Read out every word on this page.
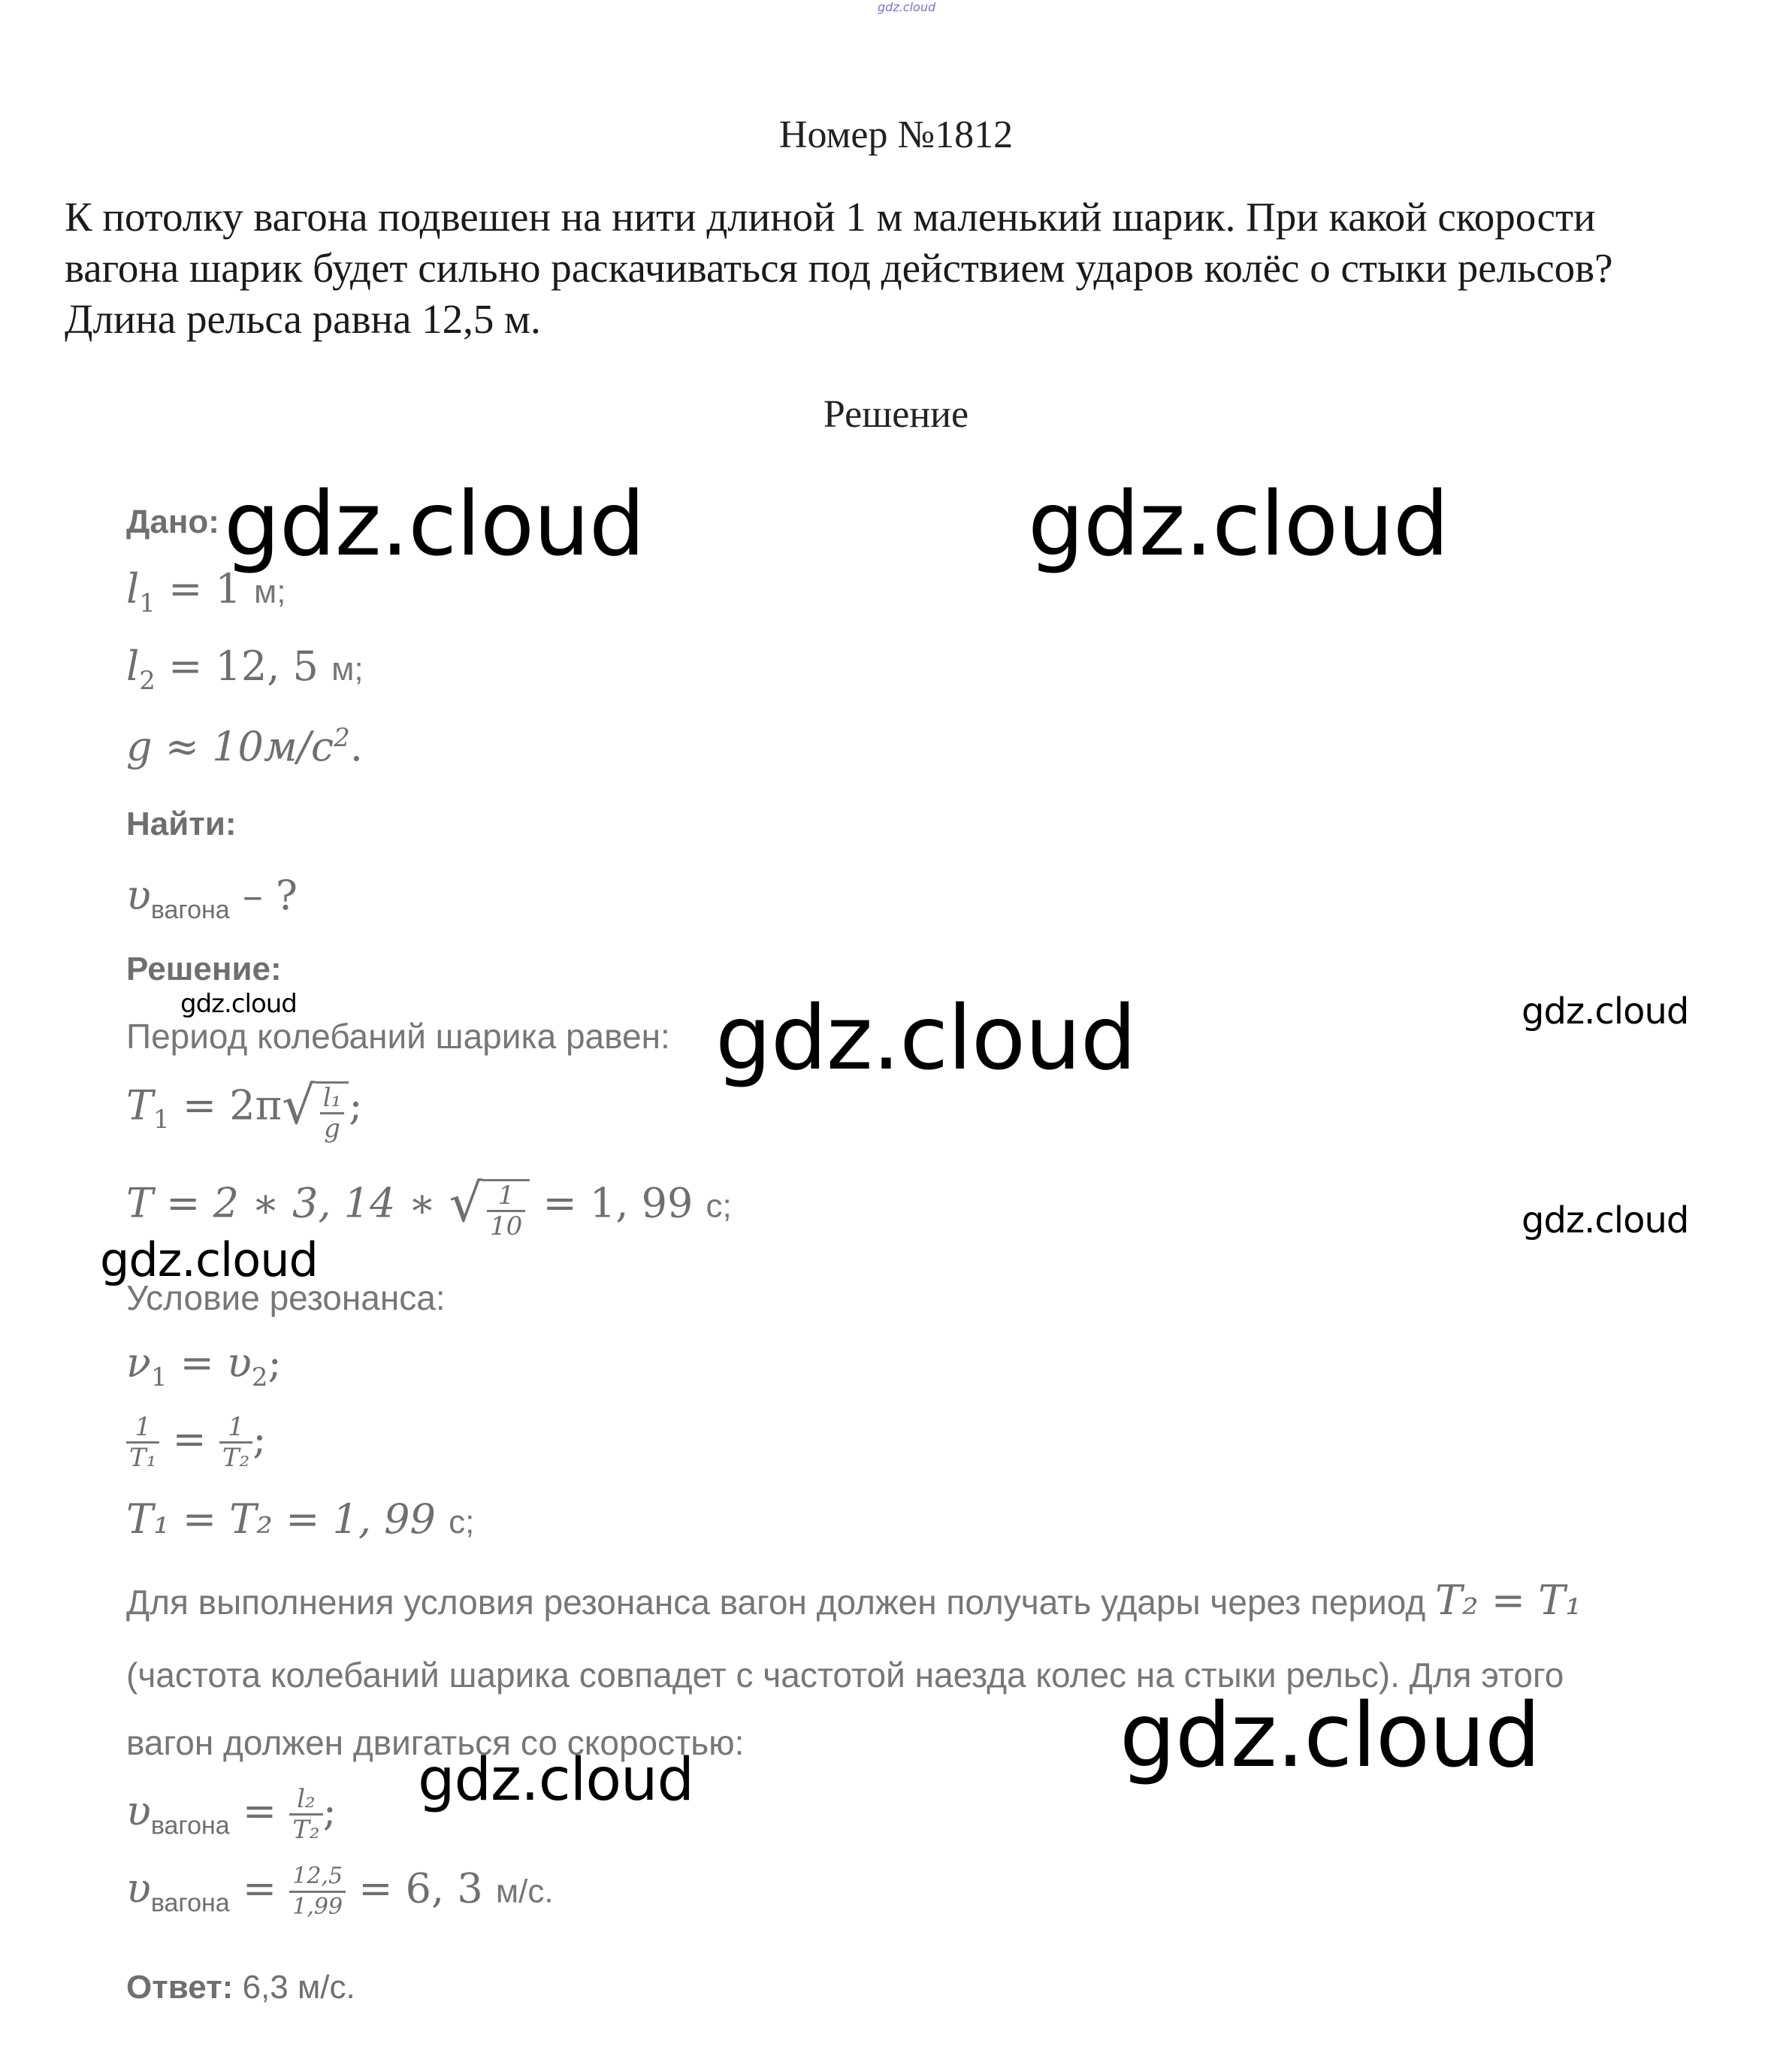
gdz.cloud
Номер №1812
К потолку вагона подвешен на нити длиной 1 м маленький шарик. При какой скорости вагона шарик будет сильно раскачиваться под действием ударов колёс о стыки рельсов? Длина рельса равна 12,5 м.
Решение
Дано:
$l_1 = 1$ м;
$l_2 = 12$, 5 м;
$g \approx 10м/с^2$.
Найти:
$\upsilon_{вагона}$ – ?
Решение:
Период колебаний шарика равен:
$T_1 = 2\pi√ \frac{\text{l₁}}{g}$ ;
T = 2 ∗ 3, 14 ∗ √ $\frac{1}{10} = 1$, 99 с;
Условие резонанса:
$\nu_1 = \upsilon_2$;
$\frac{1}{\text{T₁}} = \frac{1}{\text{T₂}}$ ;
T₁ = T₂ = 1, 99 с;
Для выполнения условия резонанса вагон должен получать удары через период T₂ = T₁
(частота колебаний шарика совпадет с частотой наезда колес на стыки рельс). Для этого
вагон должен двигаться со скоростью:
$\upsilon_{вагона} = \frac{\text{l₂}}{\text{T₂}}$ ;
$\upsilon_{вагона} = \frac{12,5}{1,99} = 6$, 3 м/с.
Ответ: 6,3 м/с.
gdz.cloud	gdz.cloud
gdz.cloud	gdz.cloud	gdz.cloud
gdz.cloud
gdz.cloud
gdz.cloud
gdz.cloud
